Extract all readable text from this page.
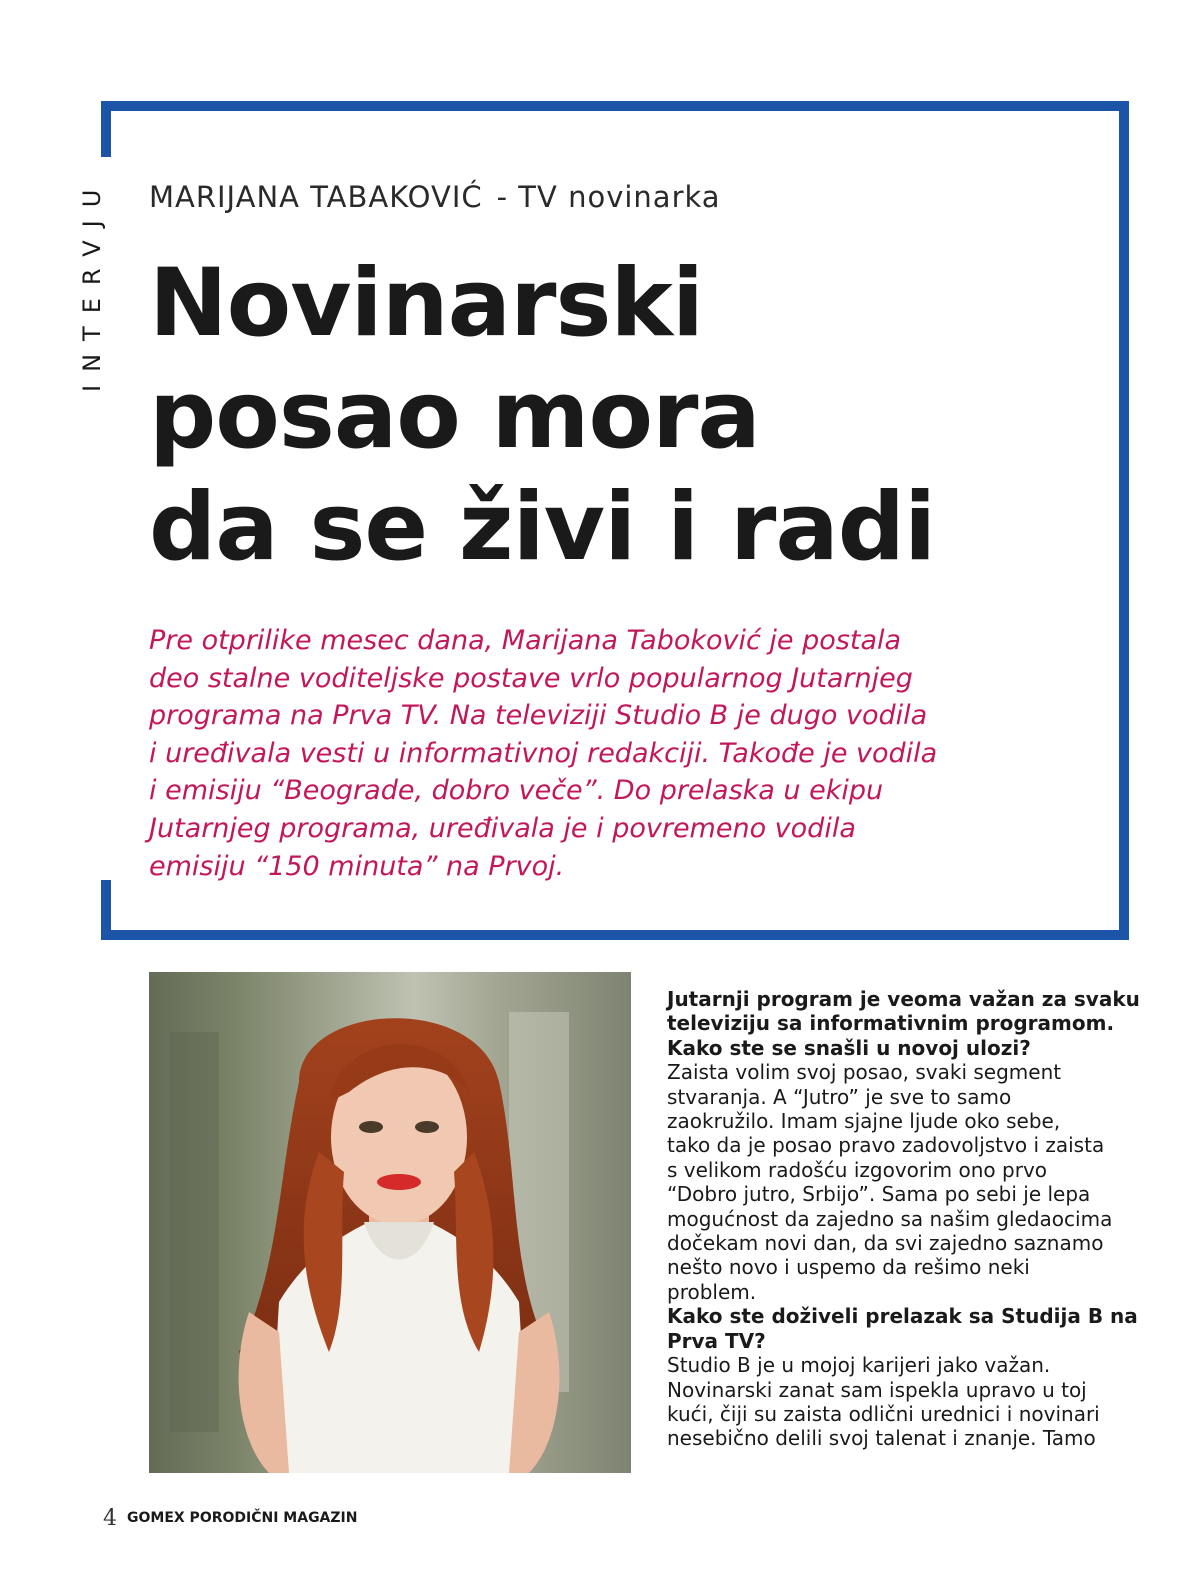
INTERVJU MARIJANA TABAKOVIĆ - TV novinarka
Novinarski
posao mora
da se živi i radi

Pre otprilike mesec dana, Marijana Taboković je postala
deo stalne voditeljske postave vrlo popularnog Jutarnjeg
programa na Prva TV. Na televiziji Studio B je dugo vodila
i uređivala vesti u informativnoj redakciji. Takođe je vodila
i emisiju “Beograde, dobro veče”. Do prelaska u ekipu
Jutarnjeg programa, uređivala je i povremeno vodila
emisiju “150 minuta” na Prvoj.

Jutarnji program je veoma važan za svaku
televiziju sa informativnim programom.
Kako ste se snašli u novoj ulozi?
Zaista volim svoj posao, svaki segment
stvaranja. A “Jutro” je sve to samo
zaokružilo. Imam sjajne ljude oko sebe,
tako da je posao pravo zadovoljstvo i zaista
s velikom radošću izgovorim ono prvo
“Dobro jutro, Srbijo”. Sama po sebi je lepa
mogućnost da zajedno sa našim gledaocima
dočekam novi dan, da svi zajedno saznamo
nešto novo i uspemo da rešimo neki
problem.
Kako ste doživeli prelazak sa Studija B na
Prva TV?
Studio B je u mojoj karijeri jako važan.
Novinarski zanat sam ispekla upravo u toj
kući, čiji su zaista odlični urednici i novinari
nesebično delili svoj talenat i znanje. Tamo
4 GOMEX PORODIČNI MAGAZIN
